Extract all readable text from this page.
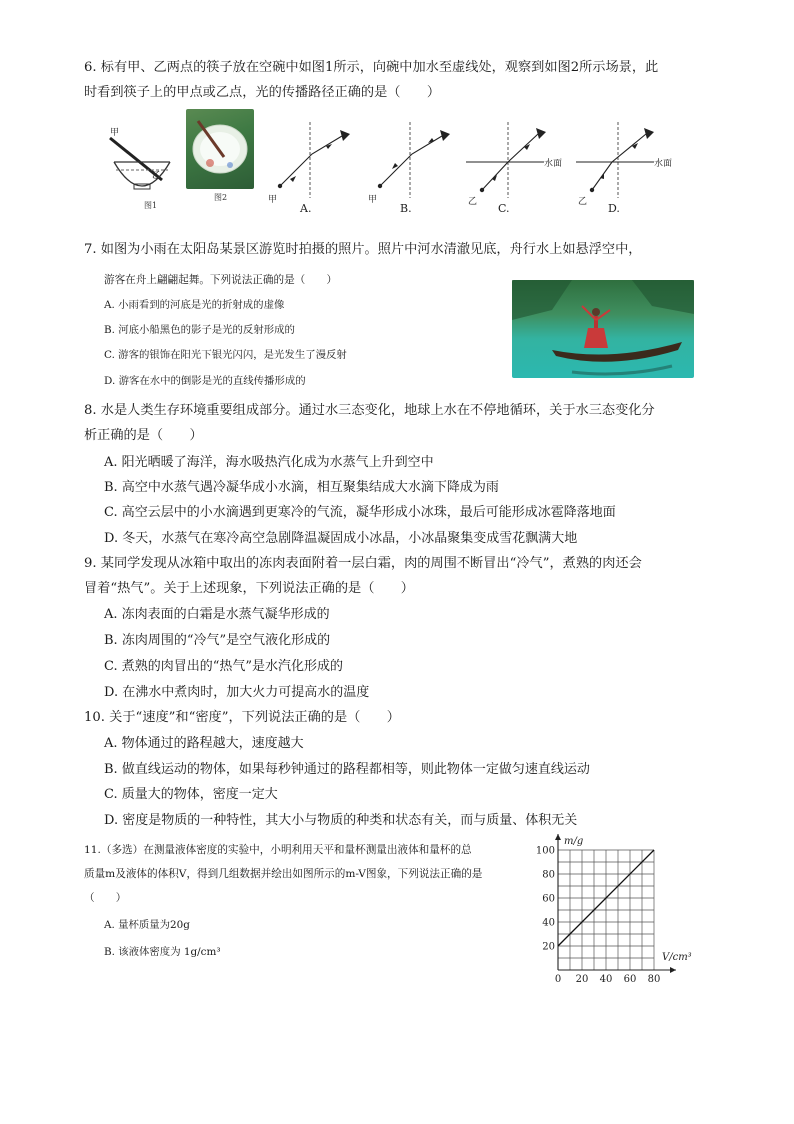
6. 标有甲、乙两点的筷子放在空碗中如图1所示，向碗中加水至虚线处，观察到如图2所示场景，此
时看到筷子上的甲点或乙点，光的传播路径正确的是（　　）
甲
乙
图1
图2	甲
A.
甲
B.
水面
乙 C.
水面
乙 D.
7. 如图为小雨在太阳岛某景区游览时拍摄的照片。照片中河水清澈见底，舟行水上如悬浮空中，
游客在舟上翩翩起舞。下列说法正确的是（　　）
A. 小雨看到的河底是光的折射成的虚像
B. 河底小船黑色的影子是光的反射形成的
C. 游客的银饰在阳光下银光闪闪，是光发生了漫反射
D. 游客在水中的倒影是光的直线传播形成的
8. 水是人类生存环境重要组成部分。通过水三态变化，地球上水在不停地循环，关于水三态变化分
析正确的是（　　）
A. 阳光晒暖了海洋，海水吸热汽化成为水蒸气上升到空中
B. 高空中水蒸气遇冷凝华成小水滴，相互聚集结成大水滴下降成为雨
C. 高空云层中的小水滴遇到更寒冷的气流，凝华形成小冰珠，最后可能形成冰雹降落地面
D. 冬天，水蒸气在寒冷高空急剧降温凝固成小冰晶，小冰晶聚集变成雪花飘满大地
9. 某同学发现从冰箱中取出的冻肉表面附着一层白霜，肉的周围不断冒出“冷气”，煮熟的肉还会
冒着“热气”。关于上述现象，下列说法正确的是（　　）
A. 冻肉表面的白霜是水蒸气凝华形成的
B. 冻肉周围的“冷气”是空气液化形成的
C. 煮熟的肉冒出的“热气”是水汽化形成的
D. 在沸水中煮肉时，加大火力可提高水的温度
10. 关于“速度”和“密度”，下列说法正确的是（　　）
A. 物体通过的路程越大，速度越大
B. 做直线运动的物体，如果每秒钟通过的路程都相等，则此物体一定做匀速直线运动
C. 质量大的物体，密度一定大
D. 密度是物质的一种特性，其大小与物质的种类和状态有关，而与质量、体积无关
11.（多选）在测量液体密度的实验中，小明利用天平和量杯测量出液体和量杯的总
质量m及液体的体积V，得到几组数据并绘出如图所示的m-V图象，下列说法正确的是
（　　）
A. 量杯质量为20g
B. 该液体密度为 1g/cm³
0 20 40 60 80
20
40
60
80
100
m/g
V/cm³
